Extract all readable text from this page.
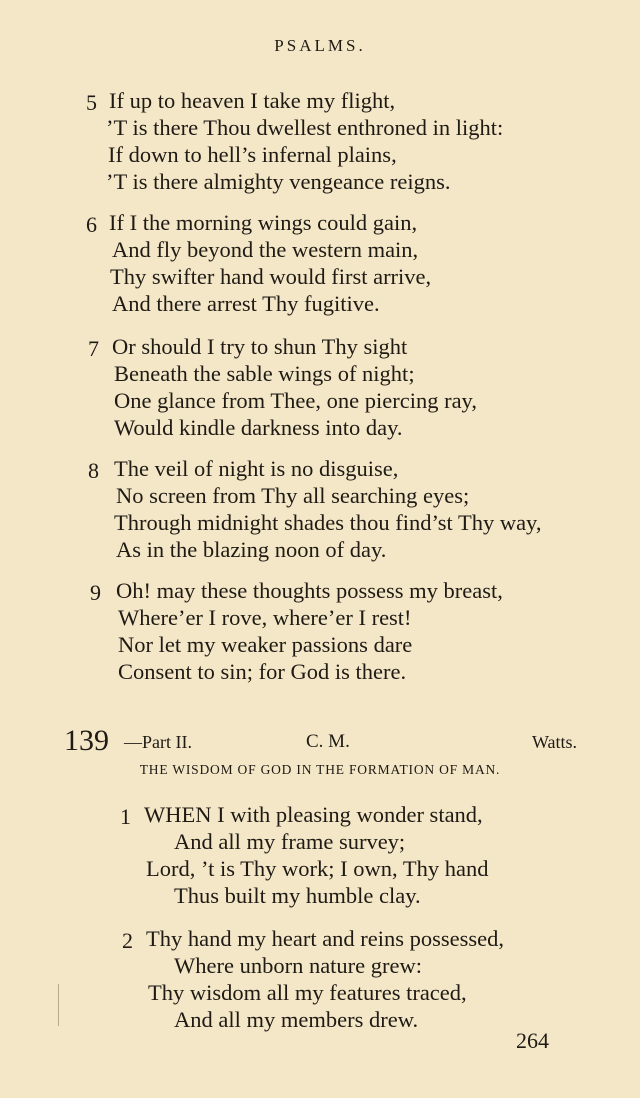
PSALMS.
5 If up to heaven I take my flight,
’T is there Thou dwellest enthroned in light:
If down to hell’s infernal plains,
’T is there almighty vengeance reigns.
6 If I the morning wings could gain,
And fly beyond the western main,
Thy swifter hand would first arrive,
And there arrest Thy fugitive.
7 Or should I try to shun Thy sight
Beneath the sable wings of night;
One glance from Thee, one piercing ray,
Would kindle darkness into day.
8 The veil of night is no disguise,
No screen from Thy all searching eyes;
Through midnight shades thou find’st Thy way,
As in the blazing noon of day.
9 Oh! may these thoughts possess my breast,
Where’er I rove, where’er I rest!
Nor let my weaker passions dare
Consent to sin; for God is there.
139 —Part II.	C. M.	Watts.
THE WISDOM OF GOD IN THE FORMATION OF MAN.
1 WHEN I with pleasing wonder stand,
And all my frame survey;
Lord, ’t is Thy work; I own, Thy hand
Thus built my humble clay.
2 Thy hand my heart and reins possessed,
Where unborn nature grew:
Thy wisdom all my features traced,
And all my members drew.
264
